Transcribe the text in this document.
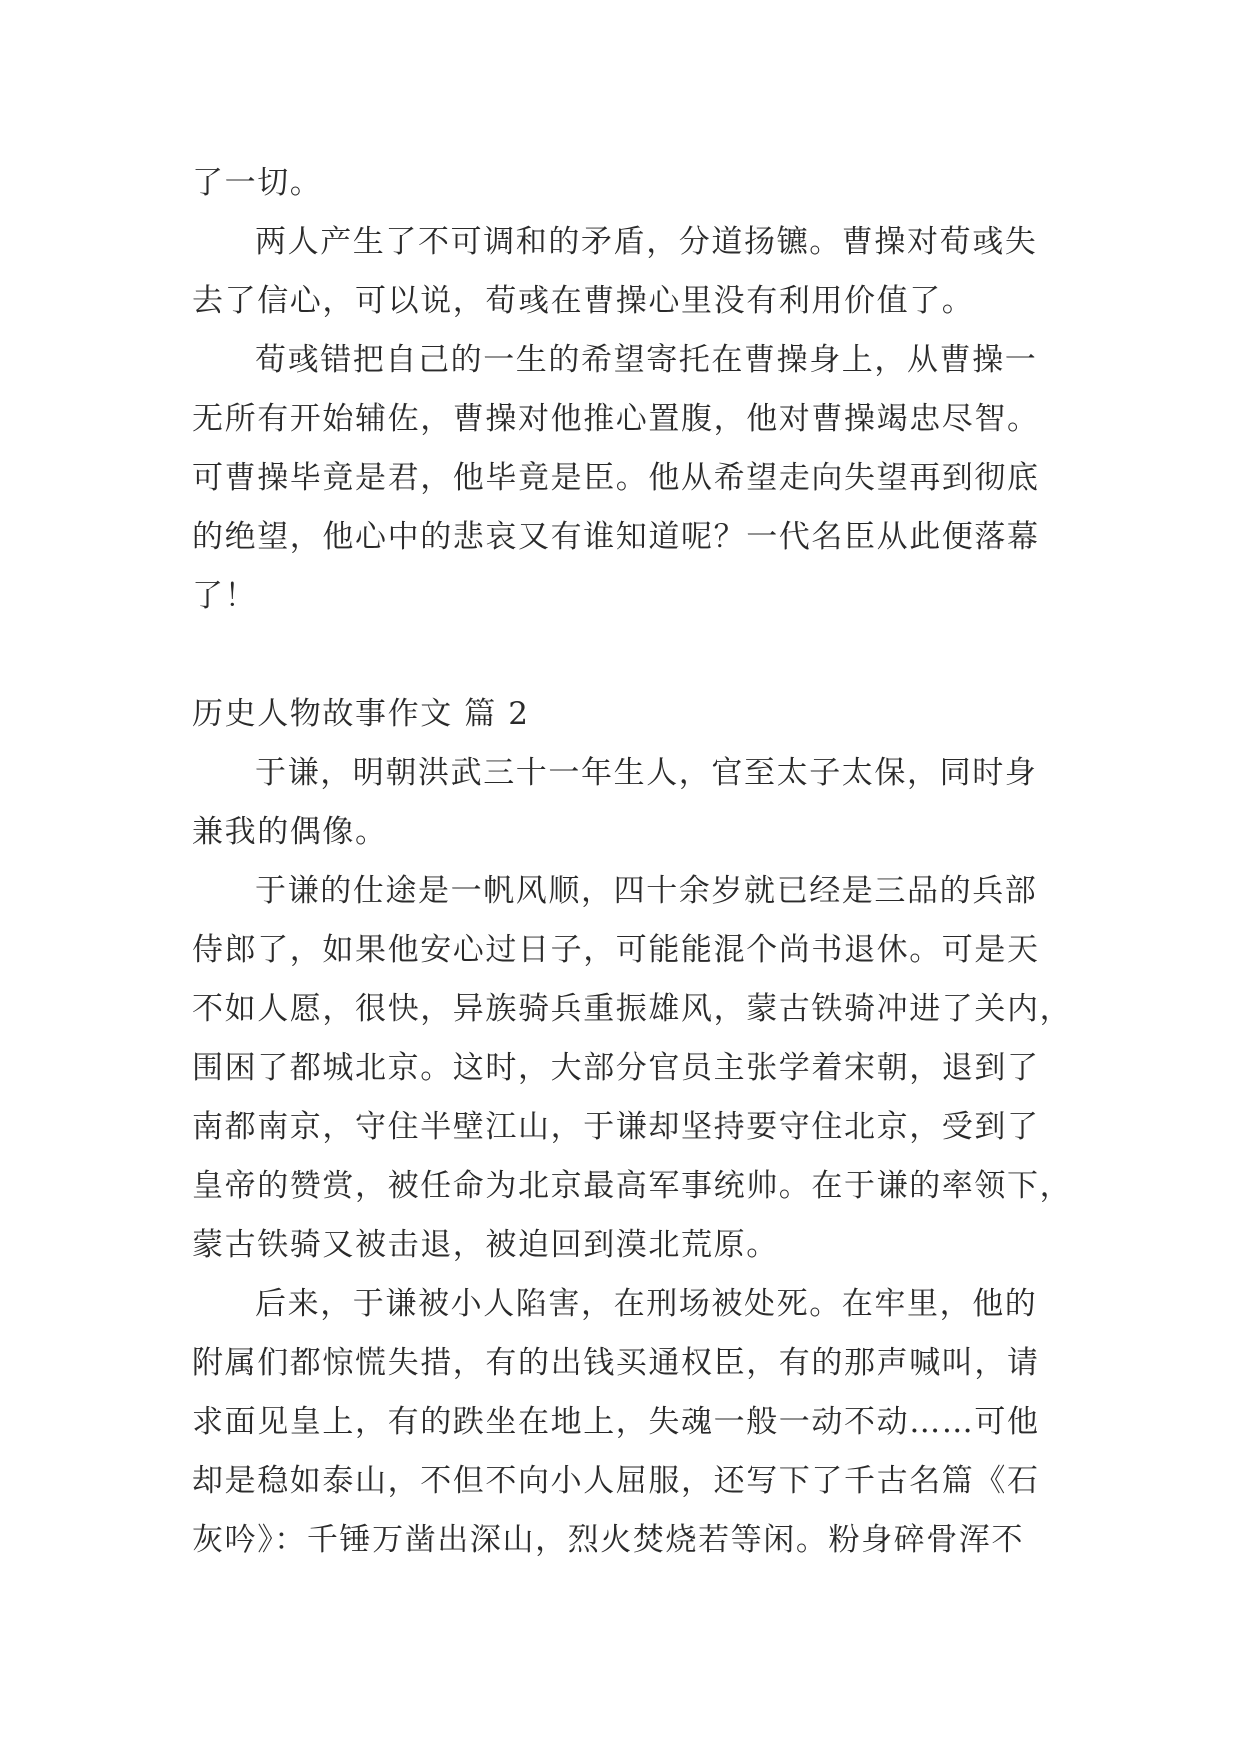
了一切。
两人产生了不可调和的矛盾，分道扬镳。曹操对荀彧失
去了信心，可以说，荀彧在曹操心里没有利用价值了。
荀彧错把自己的一生的希望寄托在曹操身上，从曹操一
无所有开始辅佐，曹操对他推心置腹，他对曹操竭忠尽智。
可曹操毕竟是君，他毕竟是臣。他从希望走向失望再到彻底
的绝望，他心中的悲哀又有谁知道呢？一代名臣从此便落幕
了！
历史人物故事作文 篇 2
于谦，明朝洪武三十一年生人，官至太子太保，同时身
兼我的偶像。
于谦的仕途是一帆风顺，四十余岁就已经是三品的兵部
侍郎了，如果他安心过日子，可能能混个尚书退休。可是天
不如人愿，很快，异族骑兵重振雄风，蒙古铁骑冲进了关内，
围困了都城北京。这时，大部分官员主张学着宋朝，退到了
南都南京，守住半壁江山，于谦却坚持要守住北京，受到了
皇帝的赞赏，被任命为北京最高军事统帅。在于谦的率领下，
蒙古铁骑又被击退，被迫回到漠北荒原。
后来，于谦被小人陷害，在刑场被处死。在牢里，他的
附属们都惊慌失措，有的出钱买通权臣，有的那声喊叫，请
求面见皇上，有的跌坐在地上，失魂一般一动不动……可他
却是稳如泰山，不但不向小人屈服，还写下了千古名篇《石
灰吟》：千锤万凿出深山，烈火焚烧若等闲。粉身碎骨浑不
